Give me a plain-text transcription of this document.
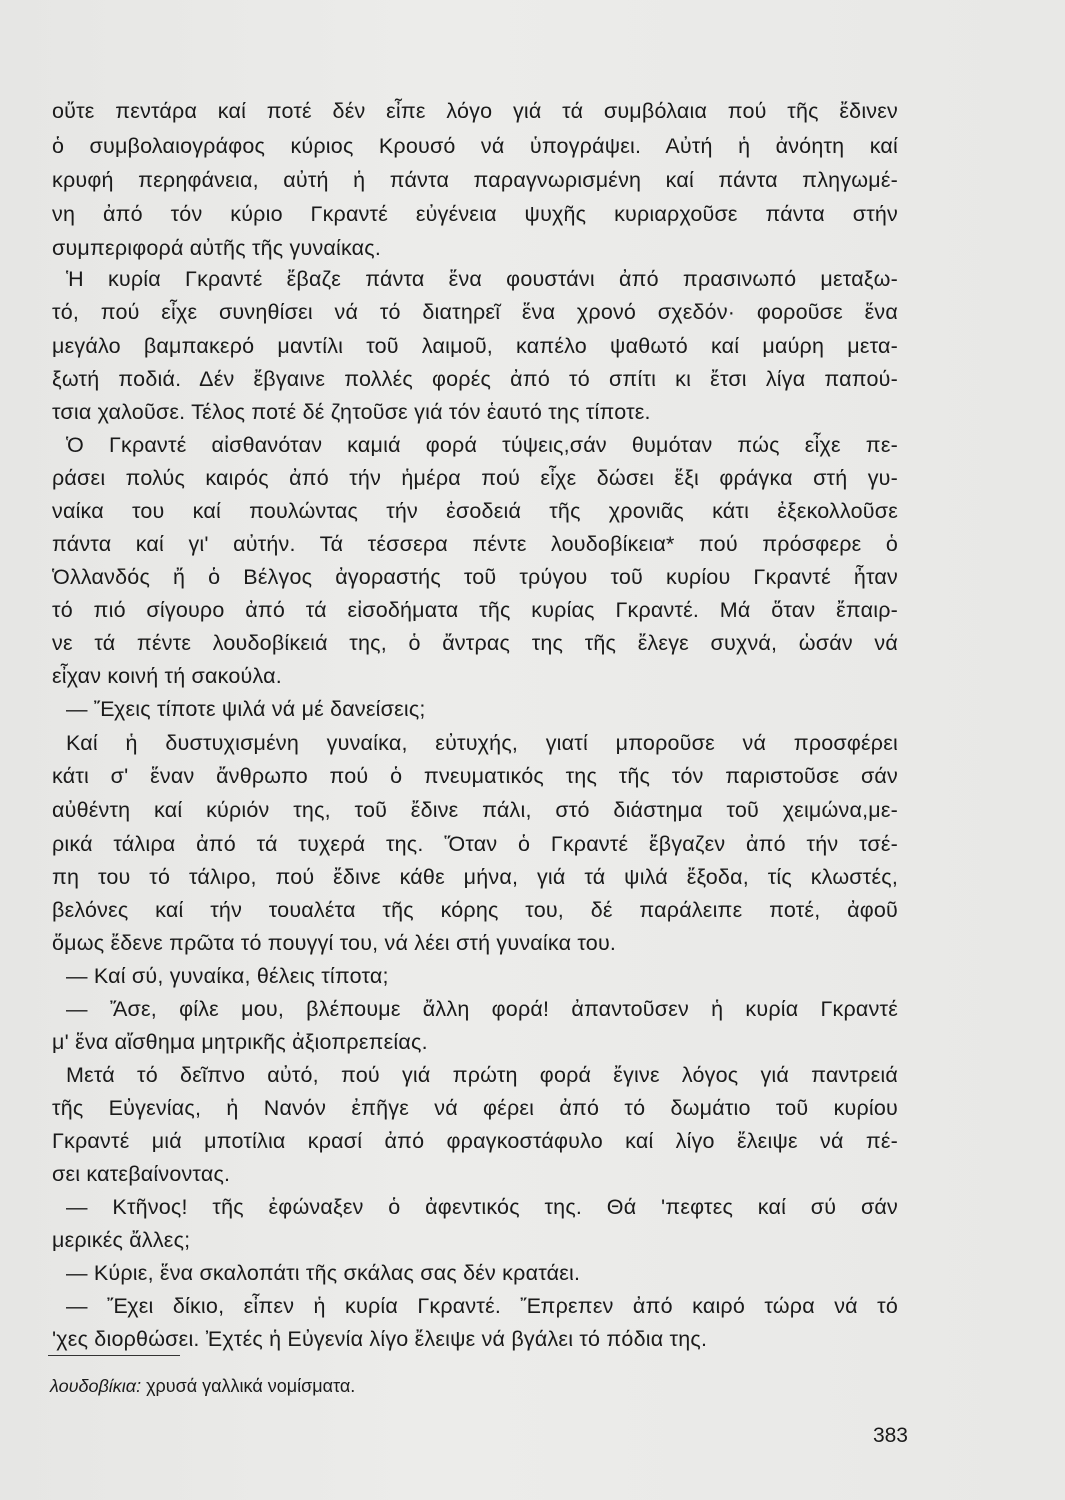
οὔτε πεντάρα καί ποτέ δέν εἶπε λόγο γιά τά συμβόλαια πού τῆς ἔδινεν
ὁ συμβολαιογράφος κύριος Κρουσό νά ὑπογράψει. Αὐτή ἡ ἀνόητη καί
κρυφή περηφάνεια, αὐτή ἡ πάντα παραγνωρισμένη καί πάντα πληγωμέ-
νη ἀπό τόν κύριο Γκραντέ εὐγένεια ψυχῆς κυριαρχοῦσε πάντα στήν
συμπεριφορά αὐτῆς τῆς γυναίκας.
Ἡ κυρία Γκραντέ ἔβαζε πάντα ἕνα φουστάνι ἀπό πρασινωπό μεταξω-
τό, πού εἶχε συνηθίσει νά τό διατηρεῖ ἕνα χρονό σχεδόν· φοροῦσε ἕνα
μεγάλο βαμπακερό μαντίλι τοῦ λαιμοῦ, καπέλο ψαθωτό καί μαύρη μετα-
ξωτή ποδιά. Δέν ἔβγαινε πολλές φορές ἀπό τό σπίτι κι ἔτσι λίγα παπού-
τσια χαλοῦσε. Τέλος ποτέ δέ ζητοῦσε γιά τόν ἑαυτό της τίποτε.
Ὁ Γκραντέ αἰσθανόταν καμιά φορά τύψεις,σάν θυμόταν πώς εἶχε πε-
ράσει πολύς καιρός ἀπό τήν ἡμέρα πού εἶχε δώσει ἕξι φράγκα στή γυ-
ναίκα του καί πουλώντας τήν ἐσοδειά τῆς χρονιᾶς κάτι ἐξεκολλοῦσε
πάντα καί γι' αὐτήν. Τά τέσσερα πέντε λουδοβίκεια* πού πρόσφερε ὁ
Ὁλλανδός ἤ ὁ Βέλγος ἀγοραστής τοῦ τρύγου τοῦ κυρίου Γκραντέ ἦταν
τό πιό σίγουρο ἀπό τά εἰσοδήματα τῆς κυρίας Γκραντέ. Μά ὅταν ἔπαιρ-
νε τά πέντε λουδοβίκειά της, ὁ ἄντρας της τῆς ἔλεγε συχνά, ὡσάν νά
εἶχαν κοινή τή σακούλα.
— Ἔχεις τίποτε ψιλά νά μέ δανείσεις;
Καί ἡ δυστυχισμένη γυναίκα, εὐτυχής, γιατί μποροῦσε νά προσφέρει
κάτι σ' ἕναν ἄνθρωπο πού ὁ πνευματικός της τῆς τόν παριστοῦσε σάν
αὐθέντη καί κύριόν της, τοῦ ἔδινε πάλι, στό διάστημα τοῦ χειμώνα,με-
ρικά τάλιρα ἀπό τά τυχερά της. Ὅταν ὁ Γκραντέ ἔβγαζεν ἀπό τήν τσέ-
πη του τό τάλιρο, πού ἔδινε κάθε μήνα, γιά τά ψιλά ἔξοδα, τίς κλωστές,
βελόνες καί τήν τουαλέτα τῆς κόρης του, δέ παράλειπε ποτέ, ἀφοῦ
ὅμως ἔδενε πρῶτα τό πουγγί του, νά λέει στή γυναίκα του.
— Καί σύ, γυναίκα, θέλεις τίποτα;
— Ἄσε, φίλε μου, βλέπουμε ἄλλη φορά! ἀπαντοῦσεν ἡ κυρία Γκραντέ
μ' ἕνα αἴσθημα μητρικῆς ἀξιοπρεπείας.
Μετά τό δεῖπνο αὐτό, πού γιά πρώτη φορά ἔγινε λόγος γιά παντρειά
τῆς Εὐγενίας, ἡ Νανόν ἐπῆγε νά φέρει ἀπό τό δωμάτιο τοῦ κυρίου
Γκραντέ μιά μποτίλια κρασί ἀπό φραγκοστάφυλο καί λίγο ἔλειψε νά πέ-
σει κατεβαίνοντας.
— Κτῆνος! τῆς ἐφώναξεν ὁ ἀφεντικός της. Θά 'πεφτες καί σύ σάν
μερικές ἄλλες;
— Κύριε, ἕνα σκαλοπάτι τῆς σκάλας σας δέν κρατάει.
— Ἔχει δίκιο, εἶπεν ἡ κυρία Γκραντέ. Ἔπρεπεν ἀπό καιρό τώρα νά τό
'χες διορθώσει. Ἐχτές ἡ Εὐγενία λίγο ἔλειψε νά βγάλει τό πόδια της.
λουδοβίκια: χρυσά γαλλικά νομίσματα.
383
